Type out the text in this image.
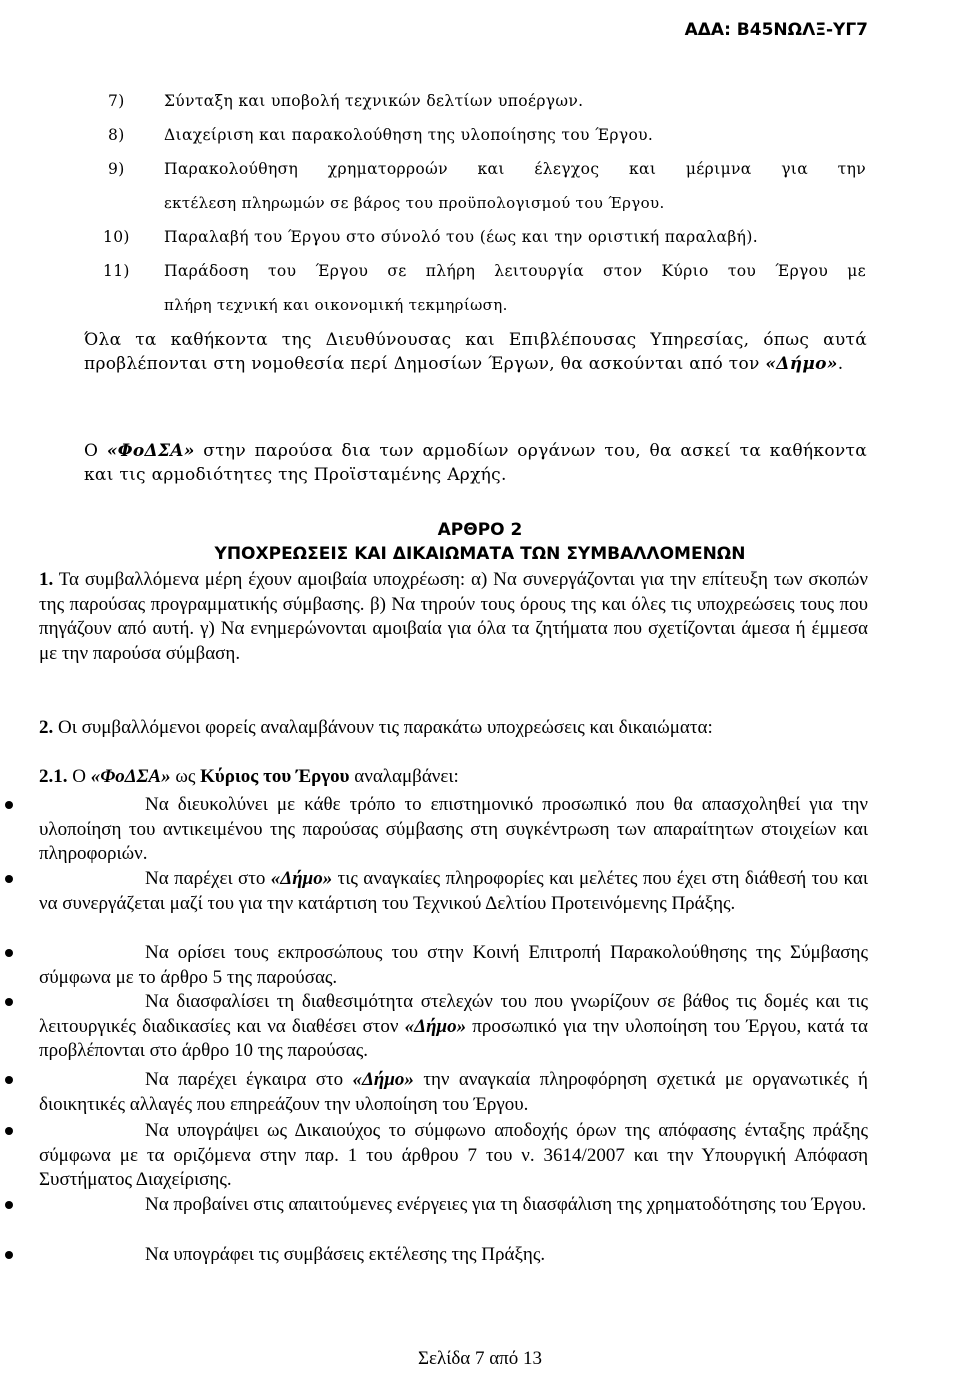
ΑΔΑ: Β45ΝΩΛΞ-ΥΓ7
7)	Σύνταξη και υποβολή τεχνικών δελτίων υποέργων.
8)	Διαχείριση και παρακολούθηση της υλοποίησης του Έργου.
9)	Παρακολούθηση χρηματορροών και έλεγχος και μέριμνα για την
εκτέλεση πληρωμών σε βάρος του προϋπολογισμού του Έργου.
10) Παραλαβή του Έργου στο σύνολό του (έως και την οριστική παραλαβή).
11) Παράδοση του Έργου σε πλήρη λειτουργία στον Κύριο του Έργου με
πλήρη τεχνική και οικονομική τεκμηρίωση.

Όλα τα καθήκοντα της Διευθύνουσας και Επιβλέπουσας Υπηρεσίας, όπως αυτά προβλέπονται στη νομοθεσία περί Δημοσίων Έργων, θα ασκούνται από τον «Δήμο».

Ο «ΦοΔΣΑ» στην παρούσα δια των αρμοδίων οργάνων του, θα ασκεί τα καθήκοντα και τις αρμοδιότητες της Προϊσταμένης Αρχής.

ΑΡΘΡΟ 2
ΥΠΟΧΡΕΩΣΕΙΣ ΚΑΙ ΔΙΚΑΙΩΜΑΤΑ ΤΩΝ ΣΥΜΒΑΛΛΟΜΕΝΩΝ

1. Τα συμβαλλόμενα μέρη έχουν αμοιβαία υποχρέωση: α) Να συνεργάζονται για την επίτευξη των σκοπών της παρούσας προγραμματικής σύμβασης. β) Να τηρούν τους όρους της και όλες τις υποχρεώσεις τους που πηγάζουν από αυτή. γ) Να ενημερώνονται αμοιβαία για όλα τα ζητήματα που σχετίζονται άμεσα ή έμμεσα με την παρούσα σύμβαση.

2. Οι συμβαλλόμενοι φορείς αναλαμβάνουν τις παρακάτω υποχρεώσεις και δικαιώματα:

2.1. Ο «ΦοΔΣΑ» ως Κύριος του Έργου αναλαμβάνει:

Να διευκολύνει με κάθε τρόπο το επιστημονικό προσωπικό που θα απασχοληθεί για την υλοποίηση του αντικειμένου της παρούσας σύμβασης στη συγκέντρωση των απαραίτητων στοιχείων και πληροφοριών.
Να παρέχει στο «Δήμο» τις αναγκαίες πληροφορίες και μελέτες που έχει στη διάθεσή του και να συνεργάζεται μαζί του για την κατάρτιση του Τεχνικού Δελτίου Προτεινόμενης Πράξης.
Να ορίσει τους εκπροσώπους του στην Κοινή Επιτροπή Παρακολούθησης της Σύμβασης σύμφωνα με το άρθρο 5 της παρούσας.
Να διασφαλίσει τη διαθεσιμότητα στελεχών του που γνωρίζουν σε βάθος τις δομές και τις λειτουργικές διαδικασίες και να διαθέσει στον «Δήμο» προσωπικό για την υλοποίηση του Έργου, κατά τα προβλέπονται στο άρθρο 10 της παρούσας.
Να παρέχει έγκαιρα στο «Δήμο» την αναγκαία πληροφόρηση σχετικά με οργανωτικές ή διοικητικές αλλαγές που επηρεάζουν την υλοποίηση του Έργου.
Να υπογράψει ως Δικαιούχος το σύμφωνο αποδοχής όρων της απόφασης ένταξης πράξης σύμφωνα με τα οριζόμενα στην παρ. 1 του άρθρου 7 του ν. 3614/2007 και την Υπουργική Απόφαση Συστήματος Διαχείρισης.
Να προβαίνει στις απαιτούμενες ενέργειες για τη διασφάλιση της χρηματοδότησης του Έργου.
Να υπογράφει τις συμβάσεις εκτέλεσης της Πράξης.
Σελίδα 7 από 13
